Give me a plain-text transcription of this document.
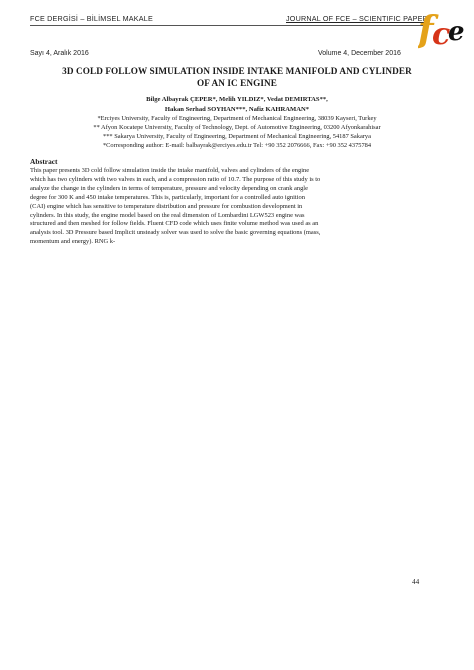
FCE DERGİSİ – BİLİMSEL MAKALE	JOURNAL OF FCE – SCIENTIFIC PAPER
f
c
e
Sayı 4, Aralık 2016	Volume 4, December 2016
3D COLD FOLLOW SIMULATION INSIDE INTAKE MANIFOLD AND CYLINDER
OF AN IC ENGINE
Bilge Albayrak ÇEPER*, Melih YILDIZ*, Vedat DEMIRTAS**,
Hakan Serhad SOYHAN***, Nafiz KAHRAMAN*
*Erciyes University, Faculty of Engineering, Department of Mechanical Engineering, 38039 Kayseri, Turkey
** Afyon Kocatepe University, Faculty of Technology, Dept. of Automotive Engineering, 03200 Afyonkarahisar
*** Sakarya University, Faculty of Engineering, Department of Mechanical Engineering, 54187 Sakarya
*Corresponding author: E-mail: balbayrak@erciyes.edu.tr Tel: +90 352 2076666, Fax: +90 352 4375784
Abstract
This paper presents 3D cold follow simulation inside the intake manifold, valves and cylinders of the engine
which has two cylinders with two valves in each, and a compression ratio of 10.7. The purpose of this study is to
analyze the change in the cylinders in terms of temperature, pressure and velocity depending on crank angle
degree for 300 K and 450 intake temperatures. This is, particularly, important for a controlled auto ignition
(CAI) engine which has sensitive to temperature distribution and pressure for combustion development in
cylinders. In this study, the engine model based on the real dimension of Lombardini LGW523 engine was
structured and then meshed for follow fields. Fluent CFD code which uses finite volume method was used as an
analysis tool. 3D Pressure based Implicit unsteady solver was used to solve the basic governing equations (mass,
momentum and energy). RNG k-
44
